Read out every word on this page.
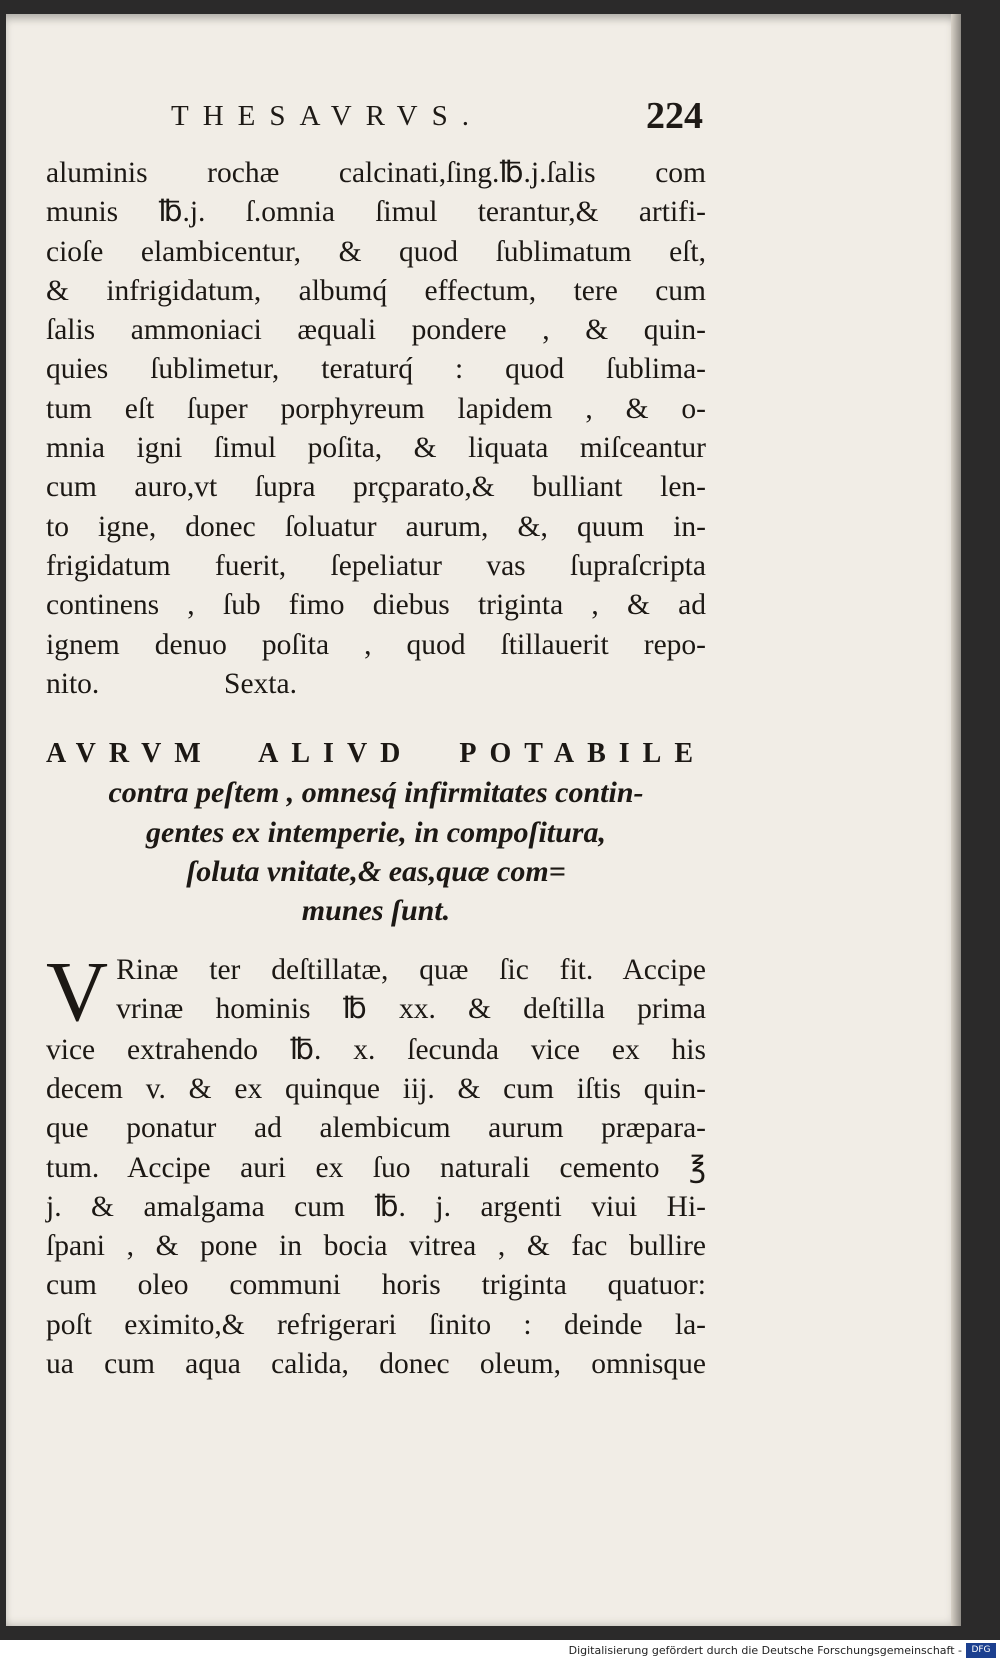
THESAVRVS.	224
aluminis rochæ calcinati,ſing.℔.j.ſalis com
munis ℔.j. ſ.omnia ſimul terantur,& artifi-
cioſe elambicentur, & quod ſublimatum eſt,
& infrigidatum, albumq́ effectum, tere cum
ſalis ammoniaci æquali pondere , & quin-
quies ſublimetur, teraturq́ : quod ſublima-
tum eſt ſuper porphyreum lapidem , & o-
mnia igni ſimul poſita, & liquata miſceantur
cum auro,vt ſupra prçparato,& bulliant len-
to igne, donec ſoluatur aurum, &, quum in-
frigidatum fuerit, ſepeliatur vas ſupraſcripta
continens , ſub fimo diebus triginta , & ad
ignem denuo poſita , quod ſtillauerit repo-
nito.	Sexta.
AVRVM ALIVD POTABILE
contra peſtem , omnesq́ infirmitates contin-
gentes ex intemperie, in compoſitura,
ſoluta vnitate,& eas,quæ com=
munes ſunt.
V Rinæ ter deſtillatæ, quæ ſic fit. Accipe
vrinæ hominis ℔ xx. & deſtilla prima
vice extrahendo ℔. x. ſecunda vice ex his
decem v. & ex quinque iij. & cum iſtis quin-
que ponatur ad alembicum aurum præpara-
tum. Accipe auri ex ſuo naturali cemento ℥
j. & amalgama cum ℔. j. argenti viui Hi-
ſpani , & pone in bocia vitrea , & fac bullire
cum oleo communi horis triginta quatuor:
poſt eximito,& refrigerari ſinito : deinde la-
ua cum aqua calida, donec oleum, omnisque
Digitalisierung gefördert durch die Deutsche Forschungsgemeinschaft -	DFG
